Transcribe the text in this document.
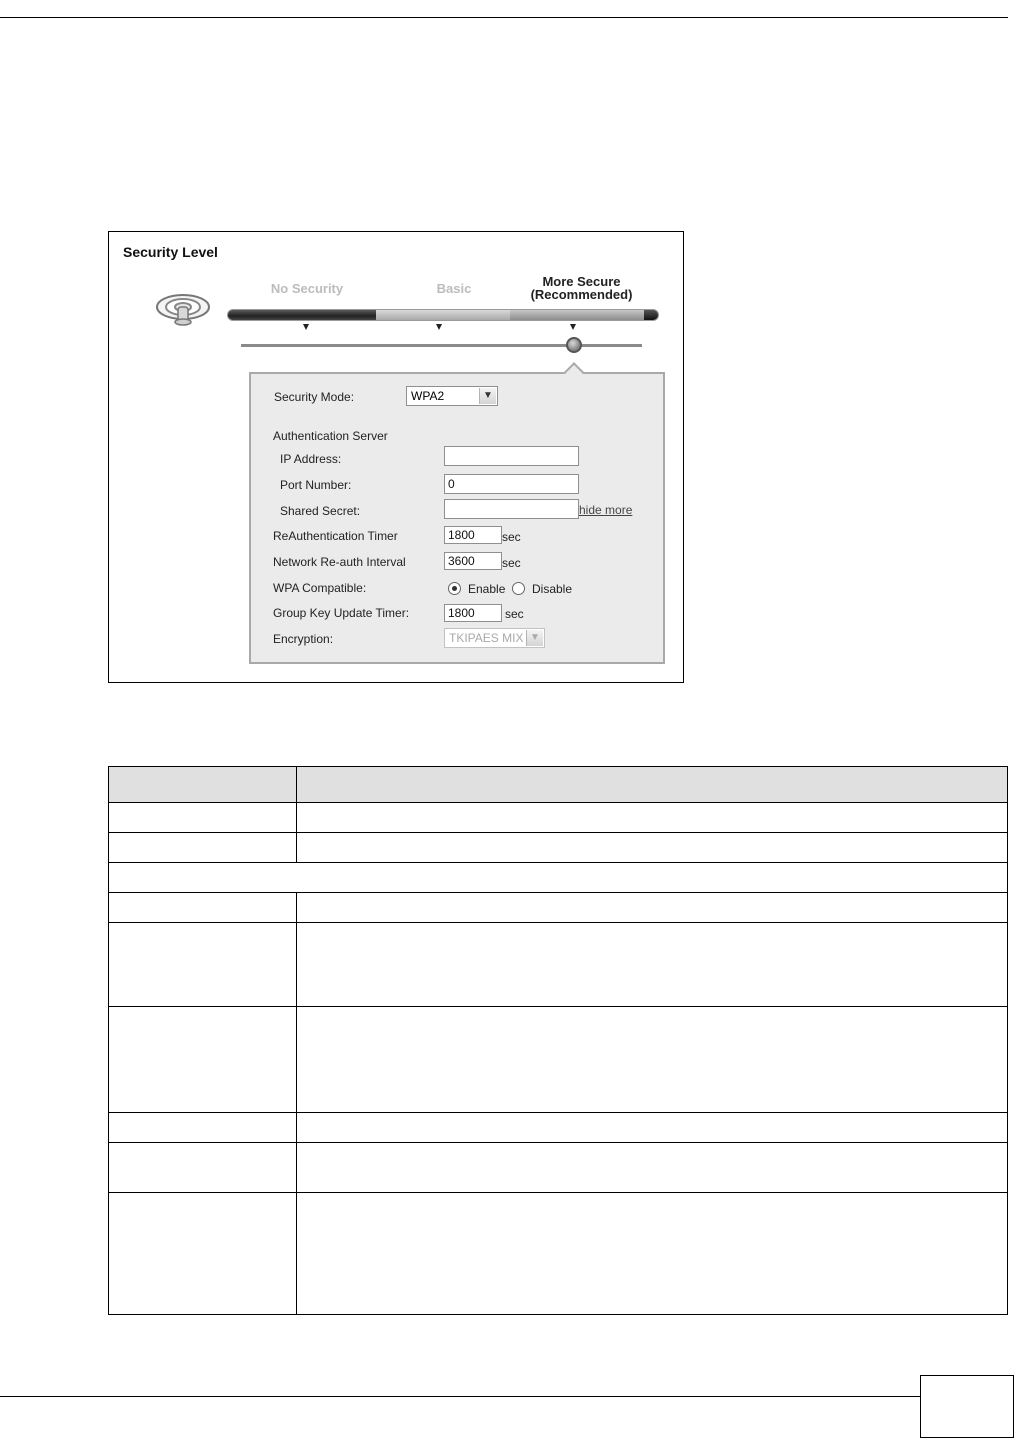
Security Level
No Security	Basic	More Secure
(Recommended)
Security Mode:	WPA2	▼
Authentication Server
IP Address:
Port Number:	0
Shared Secret:	hide more
ReAuthentication Timer	1800	sec
Network Re-auth Interval	3600	sec
WPA Compatible:	Enable Disable
Group Key Update Timer:	1800	sec
Encryption:	TKIPAES MIX ▼
